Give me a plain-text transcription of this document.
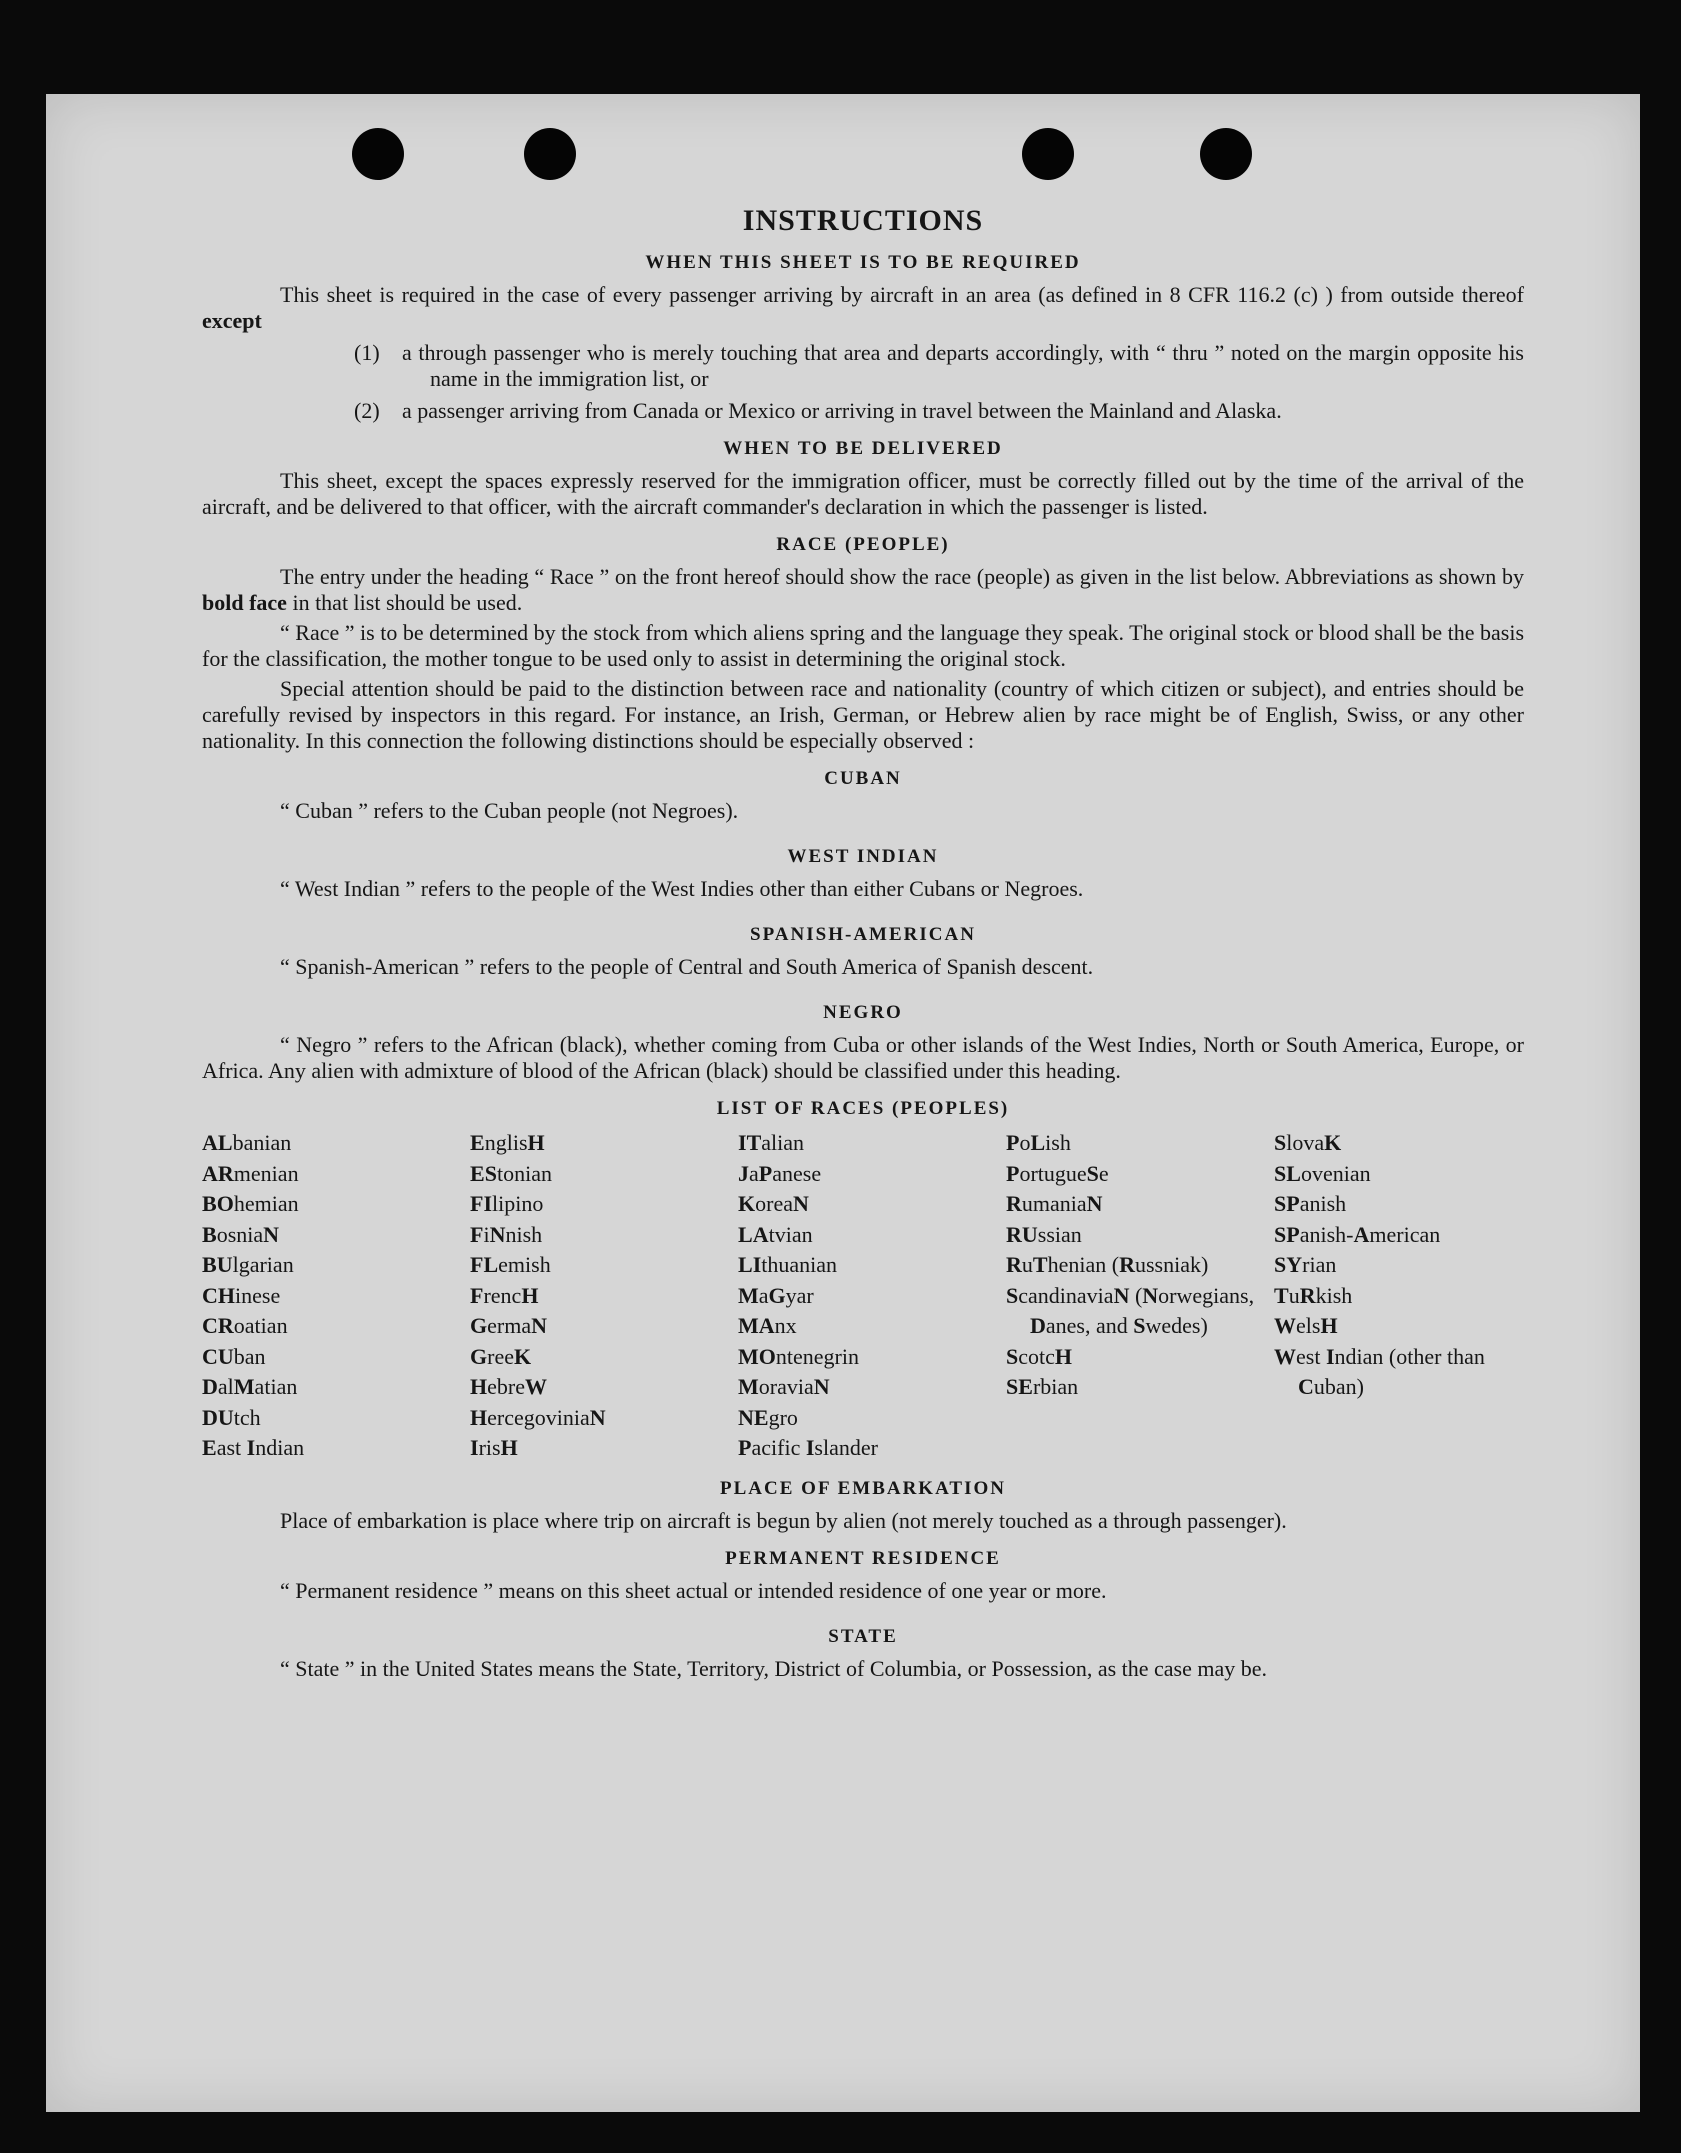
INSTRUCTIONS
WHEN THIS SHEET IS TO BE REQUIRED

This sheet is required in the case of every passenger arriving by aircraft in an area (as defined in 8 CFR 116.2 (c) ) from outside thereof except

(1) a through passenger who is merely touching that area and departs accordingly, with “ thru ” noted on the margin opposite his name in the immigration list, or
(2) a passenger arriving from Canada or Mexico or arriving in travel between the Mainland and Alaska.
WHEN TO BE DELIVERED

This sheet, except the spaces expressly reserved for the immigration officer, must be correctly filled out by the time of the arrival of the aircraft, and be delivered to that officer, with the aircraft commander's declaration in which the passenger is listed.

RACE (PEOPLE)

The entry under the heading “ Race ” on the front hereof should show the race (people) as given in the list below. Abbreviations as shown by bold face in that list should be used.

“ Race ” is to be determined by the stock from which aliens spring and the language they speak. The original stock or blood shall be the basis for the classification, the mother tongue to be used only to assist in determining the original stock.

Special attention should be paid to the distinction between race and nationality (country of which citizen or subject), and entries should be carefully revised by inspectors in this regard. For instance, an Irish, German, or Hebrew alien by race might be of English, Swiss, or any other nationality. In this connection the following distinctions should be especially observed :

CUBAN

“ Cuban ” refers to the Cuban people (not Negroes).

WEST INDIAN

“ West Indian ” refers to the people of the West Indies other than either Cubans or Negroes.

SPANISH-AMERICAN

“ Spanish-American ” refers to the people of Central and South America of Spanish descent.

NEGRO

“ Negro ” refers to the African (black), whether coming from Cuba or other islands of the West Indies, North or South America, Europe, or Africa. Any alien with admixture of blood of the African (black) should be classified under this heading.

LIST OF RACES (PEOPLES)
ALbanian
ARmenian
BOhemian
BosniaN
BUlgarian
CHinese
CRoatian
CUban
DalMatian
DUtch
East Indian
EnglisH
EStonian
FIlipino
FiNnish
FLemish
FrencH
GermaN
GreeK
HebreW
HercegoviniaN
IrisH
ITalian
JaPanese
KoreaN
LAtvian
LIthuanian
MaGyar
MAnx
MOntenegrin
MoraviaN
NEgro
Pacific Islander
PoLish
PortugueSe
RumaniaN
RUssian
RuThenian (Russniak)
ScandinaviaN (Norwegians, Danes, and Swedes)
ScotcH
SErbian
SlovaK
SLovenian
SPanish
SPanish-American
SYrian
TuRkish
WelsH
West Indian (other than Cuban)
PLACE OF EMBARKATION

Place of embarkation is place where trip on aircraft is begun by alien (not merely touched as a through passenger).

PERMANENT RESIDENCE

“ Permanent residence ” means on this sheet actual or intended residence of one year or more.

STATE

“ State ” in the United States means the State, Territory, District of Columbia, or Possession, as the case may be.
